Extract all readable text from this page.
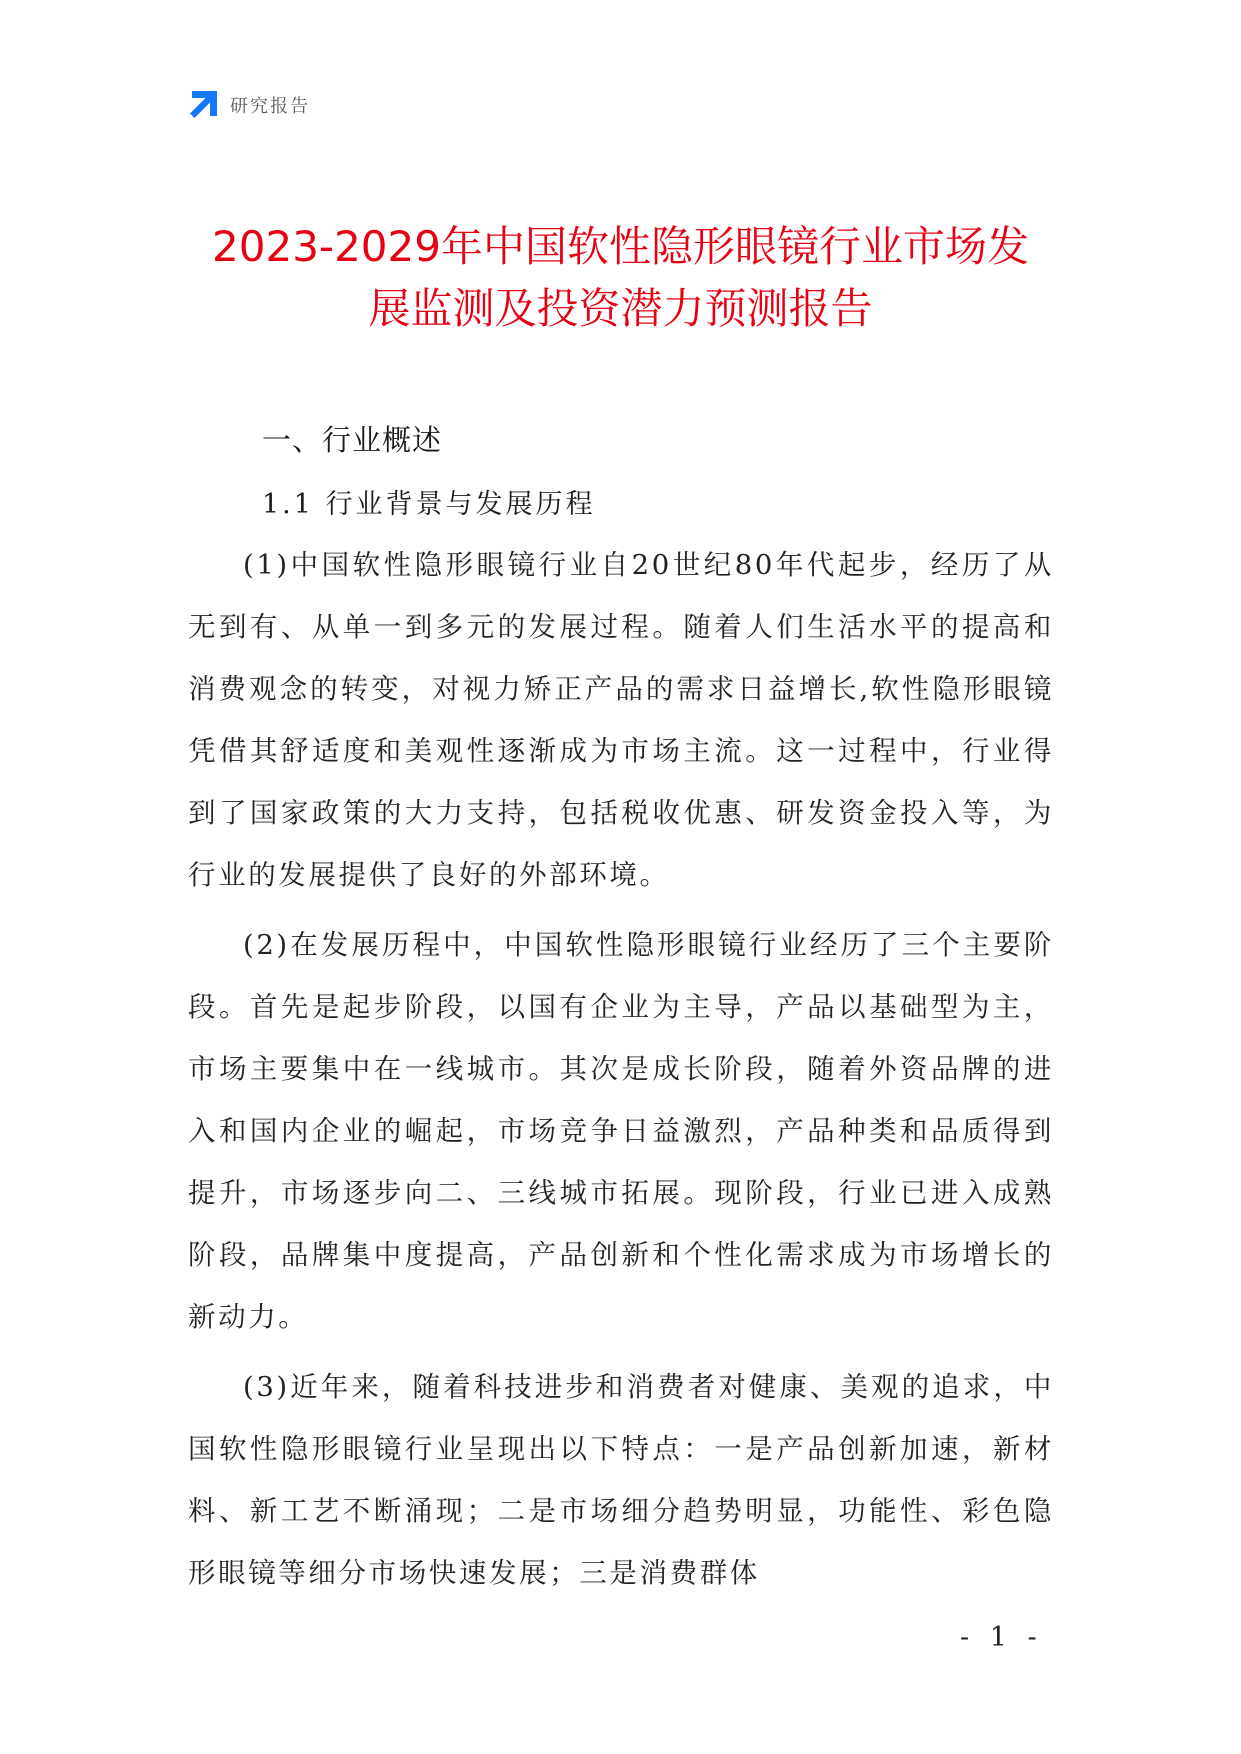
研究报告
2023-2029年中国软性隐形眼镜行业市场发
展监测及投资潜力预测报告
一、行业概述
1.1 行业背景与发展历程

(1)中国软性隐形眼镜行业自20世纪80年代起步，经历了从无到有、从单一到多元的发展过程。随着人们生活水平的提高和消费观念的转变，对视力矫正产品的需求日益增长,软性隐形眼镜凭借其舒适度和美观性逐渐成为市场主流。这一过程中，行业得到了国家政策的大力支持，包括税收优惠、研发资金投入等，为行业的发展提供了良好的外部环境。

(2)在发展历程中，中国软性隐形眼镜行业经历了三个主要阶段。首先是起步阶段，以国有企业为主导，产品以基础型为主，市场主要集中在一线城市。其次是成长阶段，随着外资品牌的进入和国内企业的崛起，市场竞争日益激烈，产品种类和品质得到提升，市场逐步向二、三线城市拓展。现阶段，行业已进入成熟阶段，品牌集中度提高，产品创新和个性化需求成为市场增长的新动力。

(3)近年来，随着科技进步和消费者对健康、美观的追求，中国软性隐形眼镜行业呈现出以下特点：一是产品创新加速，新材料、新工艺不断涌现；二是市场细分趋势明显，功能性、彩色隐形眼镜等细分市场快速发展；三是消费群体

- 1 -
